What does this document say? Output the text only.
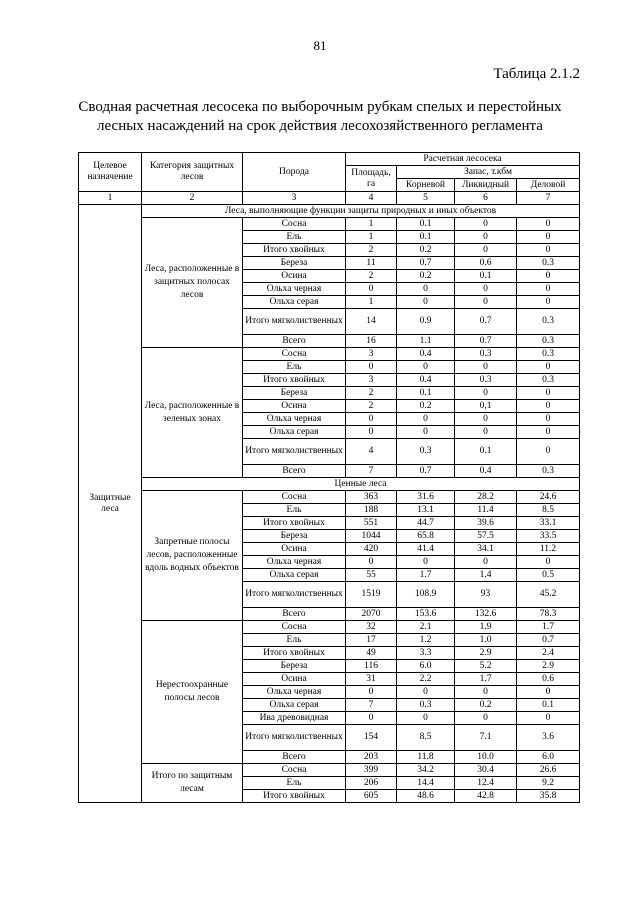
81
Таблица 2.1.2
Сводная расчетная лесосека по выборочным рубкам спелых и перестойных
лесных насаждений на срок действия лесохозяйственного регламента
Целевое назначение	Категория защитных лесов	Порода	Расчетная лесосека			
			Площадь, га	Запас, т.кбм		
				Корневой	Ликвидный	Деловой
1	2	3	4	5	6	7
Защитные леса	Леса, выполняющие функции защиты природных и иных объектов					
	Леса, расположенные в защитных полосах лесов	Сосна	1	0.1	0	0
		Ель	1	0.1	0	0
		Итого хвойных	2	0.2	0	0
		Береза	11	0.7	0.6	0.3
		Осина	2	0.2	0.1	0
		Ольха черная	0	0	0	0
		Ольха серая	1	0	0	0
		Итого мягколиственных	14	0.9	0.7	0.3
		Всего	16	1.1	0.7	0.3
	Леса, расположенные в зеленых зонах	Сосна	3	0.4	0.3	0.3
		Ель	0	0	0	0
		Итого хвойных	3	0.4	0.3	0.3
		Береза	2	0.1	0	0
		Осина	2	0.2	0,1	0
		Ольха черная	0	0	0	0
		Ольха серая	0	0	0	0
		Итого мягколиственных	4	0.3	0.1	0
		Всего	7	0.7	0.4	0.3
	Ценные леса					
	Запретные полосы лесов, расположенные вдоль водных объектов	Сосна	363	31.6	28.2	24.6
		Ель	188	13.1	11.4	8.5
		Итого хвойных	551	44.7	39.6	33.1
		Береза	1044	65.8	57.5	33.5
		Осина	420	41.4	34.1	11.2
		Ольха черная	0	0	0	0
		Ольха серая	55	1.7	1.4	0.5
		Итого мягколиственных	1519	108.9	93	45.2
		Всего	2070	153.6	132.6	78.3
	Нерестоохранные полосы лесов	Сосна	32	2.1	1.9	1.7
		Ель	17	1.2	1.0	0.7
		Итого хвойных	49	3.3	2.9	2.4
		Береза	116	6.0	5.2	2.9
		Осина	31	2.2	1.7	0.6
		Ольха черная	0	0	0	0
		Ольха серая	7	0.3	0.2	0.1
		Ива древовидная	0	0	0	0
		Итого мягколиственных	154	8.5	7.1	3.6
		Всего	203	11.8	10.0	6.0
	Итого по защитным лесам	Сосна	399	34.2	30.4	26.6
		Ель	206	14.4	12.4	9.2
		Итого хвойных	605	48.6	42.8	35.8
